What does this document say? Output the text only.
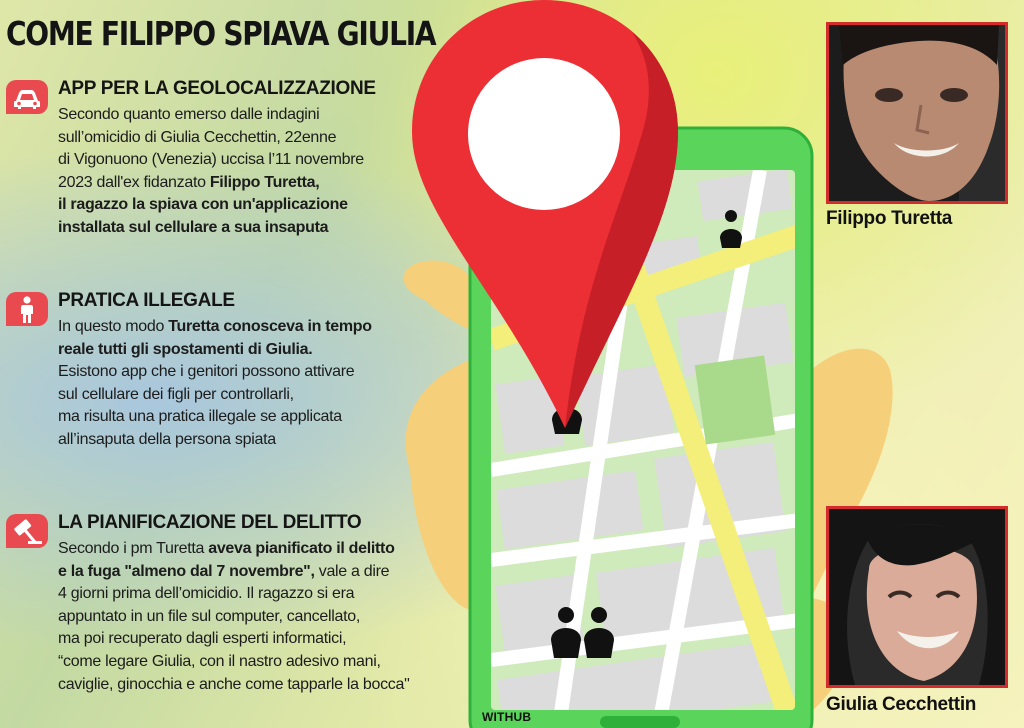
COME FILIPPO SPIAVA GIULIA
APP PER LA GEOLOCALIZZAZIONE

Secondo quanto emerso dalle indagini
sull’omicidio di Giulia Cecchettin, 22enne
di Vigonuono (Venezia) uccisa l’11 novembre
2023 dall'ex fidanzato Filippo Turetta,
il ragazzo la spiava con un'applicazione
installata sul cellulare a sua insaputa

PRATICA ILLEGALE

In questo modo Turetta conosceva in tempo
reale tutti gli spostamenti di Giulia.
Esistono app che i genitori possono attivare
sul cellulare dei figli per controllarli,
ma risulta una pratica illegale se applicata
all’insaputa della persona spiata

LA PIANIFICAZIONE DEL DELITTO

Secondo i pm Turetta aveva pianificato il delitto
e la fuga "almeno dal 7 novembre", vale a dire
4 giorni prima dell’omicidio. Il ragazzo si era
appuntato in un file sul computer, cancellato,
ma poi recuperato dagli esperti informatici,
“come legare Giulia, con il nastro adesivo mani,
caviglie, ginocchia e anche come tapparle la bocca"

Filippo Turetta
Giulia Cecchettin
WITHUB
